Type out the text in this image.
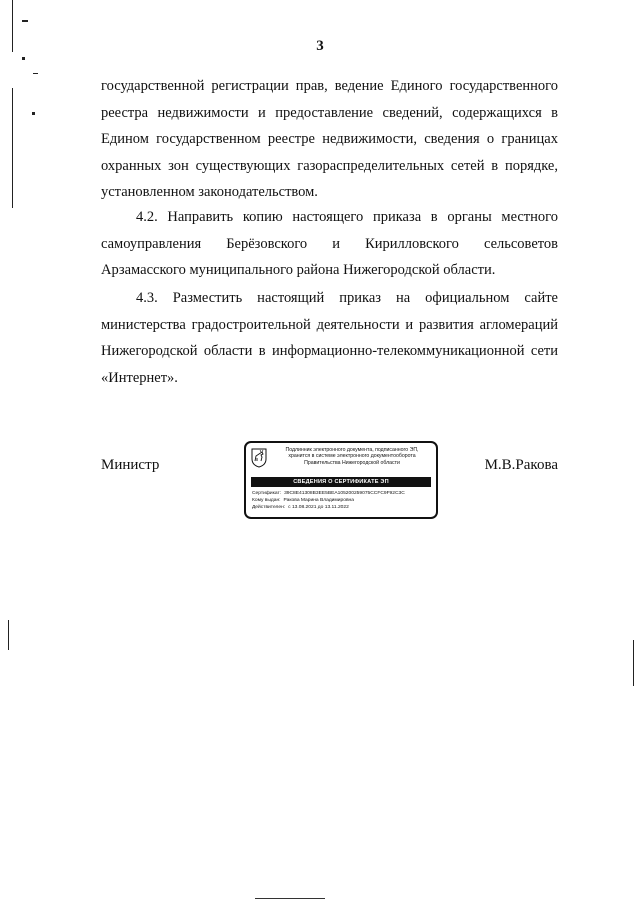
3
государственной регистрации прав, ведение Единого государственного
реестра недвижимости и предоставление сведений, содержащихся в
Едином государственном реестре недвижимости, сведения о границах
охранных зон существующих газораспределительных сетей в порядке,
установленном законодательством.
4.2. Направить копию настоящего приказа в органы местного
самоуправления Берёзовского и Кирилловского сельсоветов
Арзамасского муниципального района Нижегородской области.
4.3. Разместить настоящий приказ на официальном сайте
министерства градостроительной деятельности и развития агломераций
Нижегородской области в информационно-телекоммуникационной сети
«Интернет».
Министр	М.В.Ракова
Подлинник электронного документа, подписанного ЭП,
хранится в системе электронного документооборота
Правительства Нижегородской области
СВЕДЕНИЯ О СЕРТИФИКАТЕ ЭП
Сертификат: 39C8E41308B3EE5BEA105200259075CCFC9F92C3C
Кому выдан: Ракова Марина Владимировна
Действителен: с 13.08.2021 до 13.11.2022
